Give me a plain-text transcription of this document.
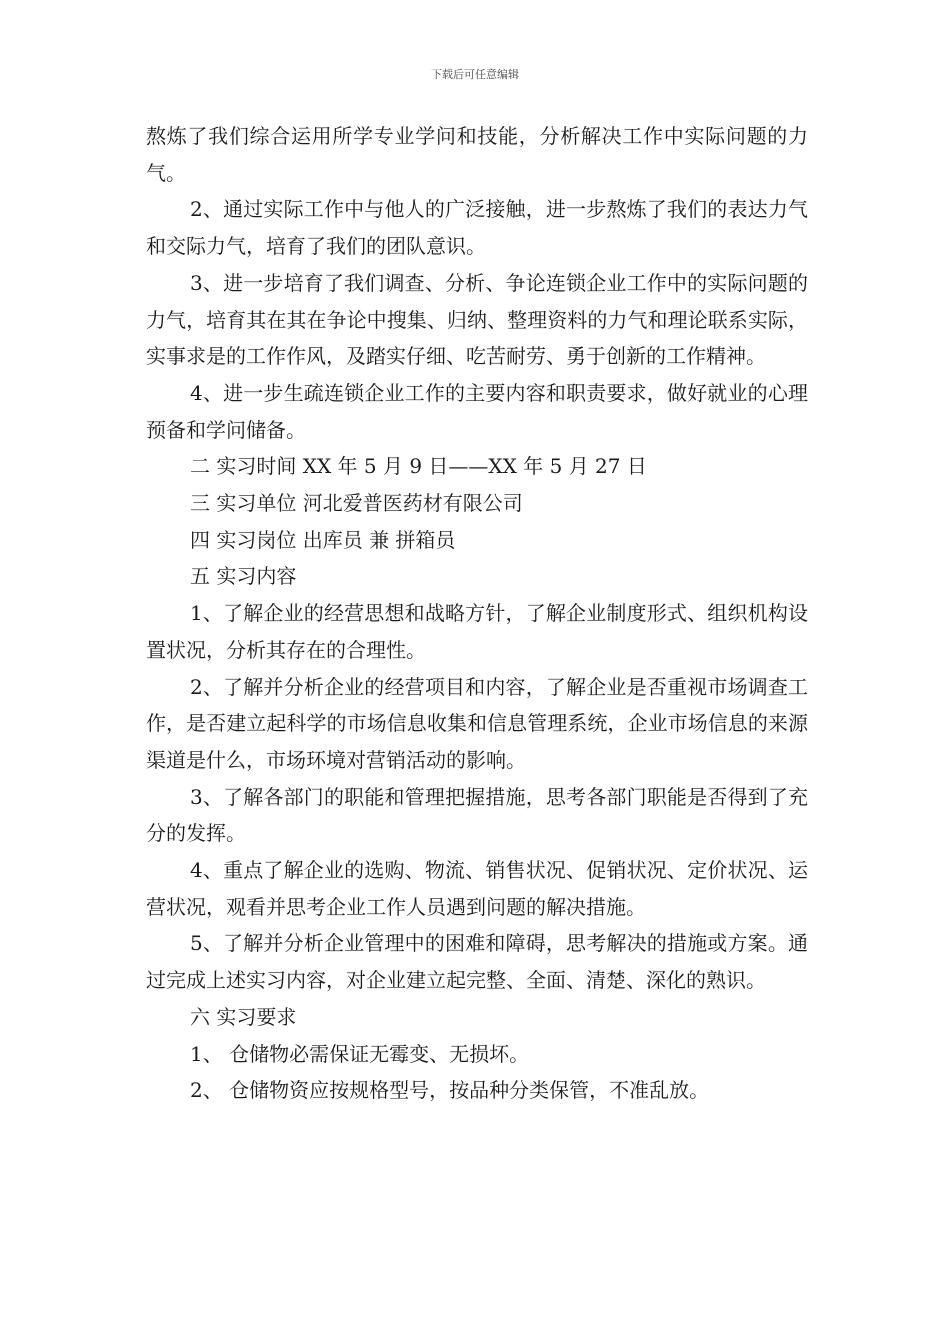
下载后可任意编辑

熬炼了我们综合运用所学专业学问和技能，分析解决工作中实际问题的力气。

2、通过实际工作中与他人的广泛接触，进一步熬炼了我们的表达力气和交际力气，培育了我们的团队意识。

3、进一步培育了我们调查、分析、争论连锁企业工作中的实际问题的力气，培育其在其在争论中搜集、归纳、整理资料的力气和理论联系实际，实事求是的工作作风，及踏实仔细、吃苦耐劳、勇于创新的工作精神。

4、进一步生疏连锁企业工作的主要内容和职责要求，做好就业的心理预备和学问储备。

二 实习时间 XX 年 5 月 9 日——XX 年 5 月 27 日

三 实习单位 河北爱普医药材有限公司

四 实习岗位 出库员 兼 拼箱员

五 实习内容

1、了解企业的经营思想和战略方针，了解企业制度形式、组织机构设置状况，分析其存在的合理性。

2、了解并分析企业的经营项目和内容，了解企业是否重视市场调查工作，是否建立起科学的市场信息收集和信息管理系统，企业市场信息的来源渠道是什么，市场环境对营销活动的影响。

3、了解各部门的职能和管理把握措施，思考各部门职能是否得到了充分的发挥。

4、重点了解企业的选购、物流、销售状况、促销状况、定价状况、运营状况，观看并思考企业工作人员遇到问题的解决措施。

5、了解并分析企业管理中的困难和障碍，思考解决的措施或方案。通过完成上述实习内容，对企业建立起完整、全面、清楚、深化的熟识。

六 实习要求

1、 仓储物必需保证无霉变、无损坏。

2、 仓储物资应按规格型号，按品种分类保管，不准乱放。
